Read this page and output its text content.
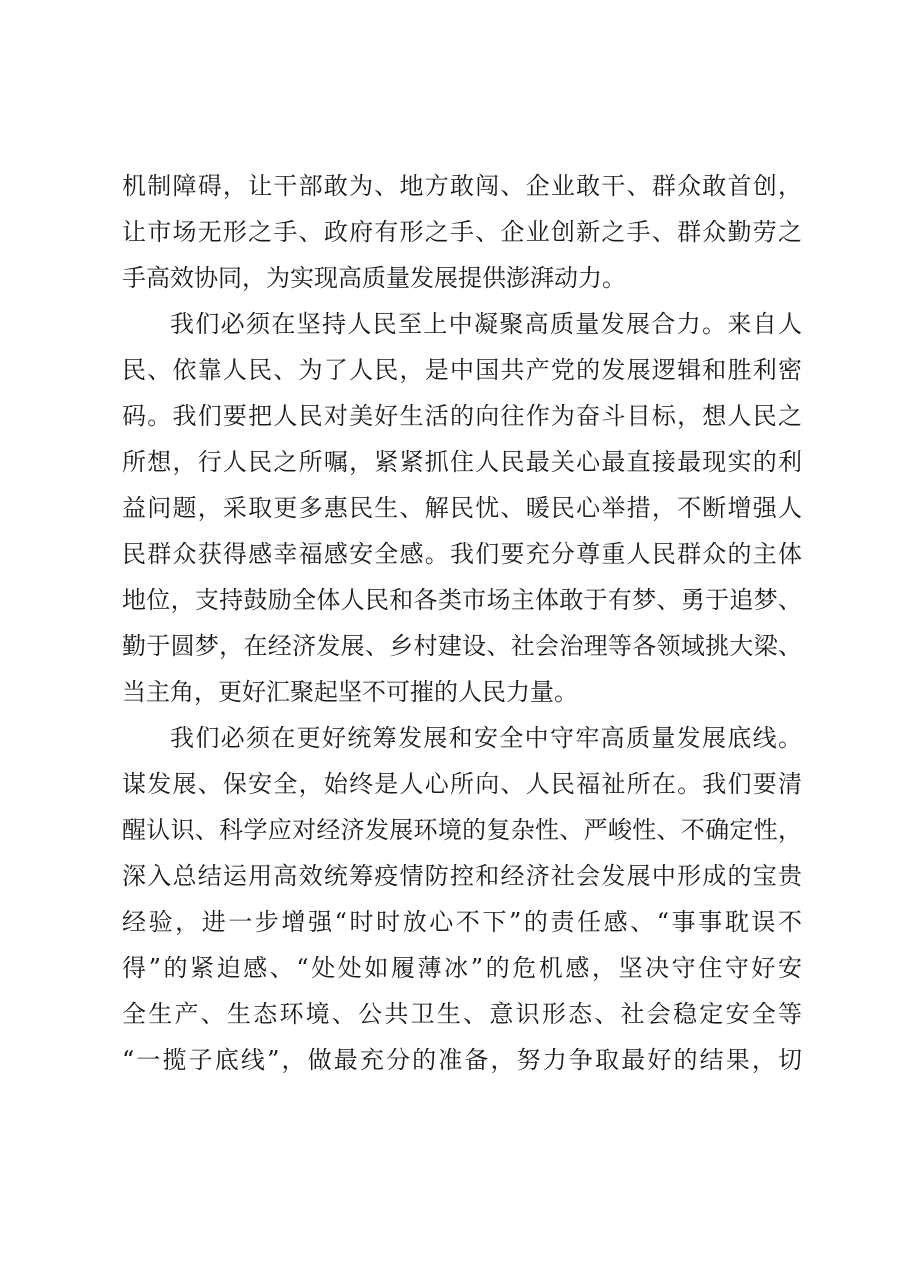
机制障碍，让干部敢为、地方敢闯、企业敢干、群众敢首创，
让市场无形之手、政府有形之手、企业创新之手、群众勤劳之
手高效协同，为实现高质量发展提供澎湃动力。
我们必须在坚持人民至上中凝聚高质量发展合力。来自人
民、依靠人民、为了人民，是中国共产党的发展逻辑和胜利密
码。我们要把人民对美好生活的向往作为奋斗目标，想人民之
所想，行人民之所嘱，紧紧抓住人民最关心最直接最现实的利
益问题，采取更多惠民生、解民忧、暖民心举措，不断增强人
民群众获得感幸福感安全感。我们要充分尊重人民群众的主体
地位，支持鼓励全体人民和各类市场主体敢于有梦、勇于追梦、
勤于圆梦，在经济发展、乡村建设、社会治理等各领域挑大梁、
当主角，更好汇聚起坚不可摧的人民力量。
我们必须在更好统筹发展和安全中守牢高质量发展底线。
谋发展、保安全，始终是人心所向、人民福祉所在。我们要清
醒认识、科学应对经济发展环境的复杂性、严峻性、不确定性，
深入总结运用高效统筹疫情防控和经济社会发展中形成的宝贵
经验，进一步增强“时时放心不下”的责任感、“事事耽误不
得”的紧迫感、“处处如履薄冰”的危机感，坚决守住守好安
全生产、生态环境、公共卫生、意识形态、社会稳定安全等
“一揽子底线”，做最充分的准备，努力争取最好的结果，切
